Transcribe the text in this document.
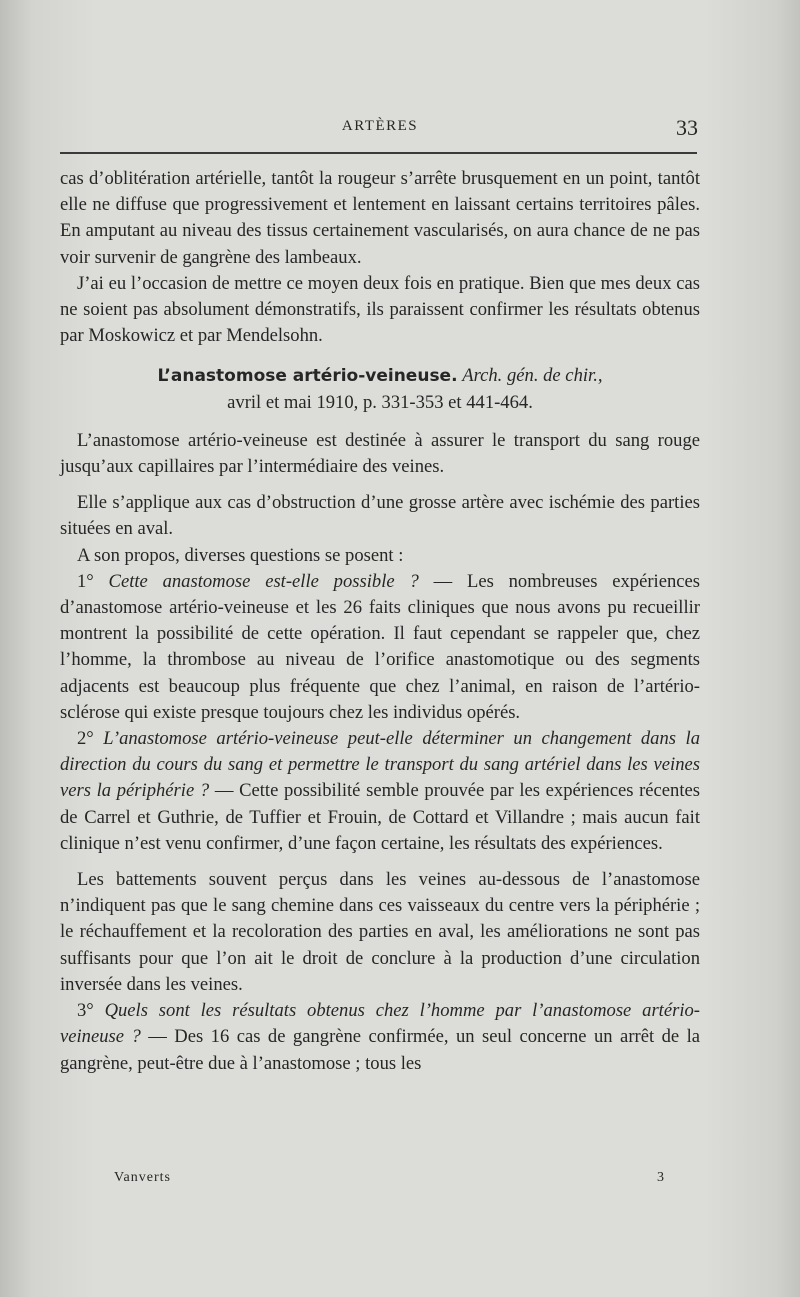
ARTÈRES	33

cas d’oblitération artérielle, tantôt la rougeur s’arrête brusquement en un point, tantôt elle ne diffuse que progressivement et lentement en laissant certains territoires pâles. En amputant au niveau des tissus certainement vascularisés, on aura chance de ne pas voir survenir de gangrène des lambeaux.

J’ai eu l’occasion de mettre ce moyen deux fois en pratique. Bien que mes deux cas ne soient pas absolument démonstratifs, ils paraissent confirmer les résultats obtenus par Moskowicz et par Mendelsohn.

L’anastomose artério-veineuse. Arch. gén. de chir.,
avril et mai 1910, p. 331-353 et 441-464.

L’anastomose artério-veineuse est destinée à assurer le transport du sang rouge jusqu’aux capillaires par l’intermédiaire des veines.

Elle s’applique aux cas d’obstruction d’une grosse artère avec ischémie des parties situées en aval.

A son propos, diverses questions se posent :

1° Cette anastomose est-elle possible ? — Les nombreuses expériences d’anastomose artério-veineuse et les 26 faits cliniques que nous avons pu recueillir montrent la possibilité de cette opération. Il faut cependant se rappeler que, chez l’homme, la thrombose au niveau de l’orifice anastomotique ou des segments adjacents est beaucoup plus fréquente que chez l’animal, en raison de l’artério-sclérose qui existe presque toujours chez les individus opérés.

2° L’anastomose artério-veineuse peut-elle déterminer un changement dans la direction du cours du sang et permettre le transport du sang artériel dans les veines vers la périphérie ? — Cette possibilité semble prouvée par les expériences récentes de Carrel et Guthrie, de Tuffier et Frouin, de Cottard et Villandre ; mais aucun fait clinique n’est venu confirmer, d’une façon certaine, les résultats des expériences.

Les battements souvent perçus dans les veines au-dessous de l’anastomose n’indiquent pas que le sang chemine dans ces vaisseaux du centre vers la périphérie ; le réchauffement et la recoloration des parties en aval, les améliorations ne sont pas suffisants pour que l’on ait le droit de conclure à la production d’une circulation inversée dans les veines.

3° Quels sont les résultats obtenus chez l’homme par l’anastomose artério-veineuse ? — Des 16 cas de gangrène confirmée, un seul concerne un arrêt de la gangrène, peut-être due à l’anastomose ; tous les

Vanverts	3
